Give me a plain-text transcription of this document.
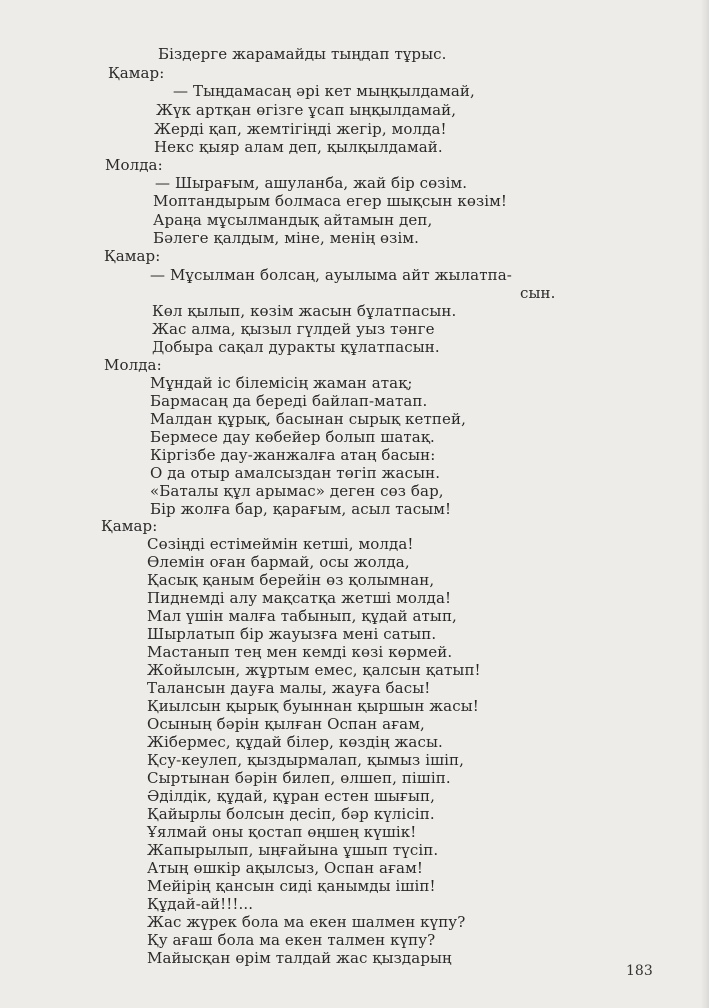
Біздерге жарамайды тыңдап тұрыс.
Қамар:
— Тыңдамасаң әрі кет мыңқылдамай,
Жүк артқан өгізге ұсап ыңқылдамай,
Жерді қап, жемтігіңді жегір, молда!
Некс қыяр алам деп, қылқылдамай.
Молда:
— Шырағым, ашуланба, жай бір сөзім.
Моптандырым болмаса егер шықсын көзім!
Араңа мұсылмандық айтамын деп,
Бәлеге қалдым, міне, менің өзім.
Қамар:
— Мұсылман болсаң, ауылыма айт жылатпа-
сын.
Көл қылып, көзім жасын бұлатпасын.
Жас алма, қызыл гүлдей уыз тәнге
Добыра сақал дуракты құлатпасын.
Молда:
Мұндай іс білемісің жаман атақ;
Бармасаң да береді байлап-матап.
Малдан құрық, басынан сырық кетпей,
Бермесе дау көбейер болып шатақ.
Кіргізбе дау-жанжалға атаң басын:
О да отыр амалсыздан төгіп жасын.
«Баталы құл арымас» деген сөз бар,
Бір жолға бар, қарағым, асыл тасым!
Қамар:
Сөзіңді естімеймін кетші, молда!
Өлемін оған бармай, осы жолда,
Қасық қаным берейін өз қолымнан,
Пиднемді алу мақсатқа жетші молда!
Мал үшін малға табынып, құдай атып,
Шырлатып бір жауызға мені сатып.
Мастанып тең мен кемді көзі көрмей.
Жойылсын, жұртым емес, қалсын қатып!
Талансын дауға малы, жауға басы!
Қиылсын қырық буыннан қыршын жасы!
Осының бәрін қылған Оспан ағам,
Жібермес, құдай білер, көздің жасы.
Қсу-кеулеп, қыздырмалап, қымыз ішіп,
Сыртынан бәрін билеп, өлшеп, пішіп.
Әділдік, құдай, құран естен шығып,
Қайырлы болсын десіп, бәр күлісіп.
Ұялмай оны қостап өңшең күшік!
Жапырылып, ыңғайына ұшып түсіп.
Атың өшкір ақылсыз, Оспан ағам!
Мейірің қансын сиді қанымды ішіп!
Құдай-ай!!!...
Жас жүрек бола ма екен шалмен күпу?
Қу ағаш бола ма екен талмен күпу?
Майысқан өрім талдай жас қыздарың
183
